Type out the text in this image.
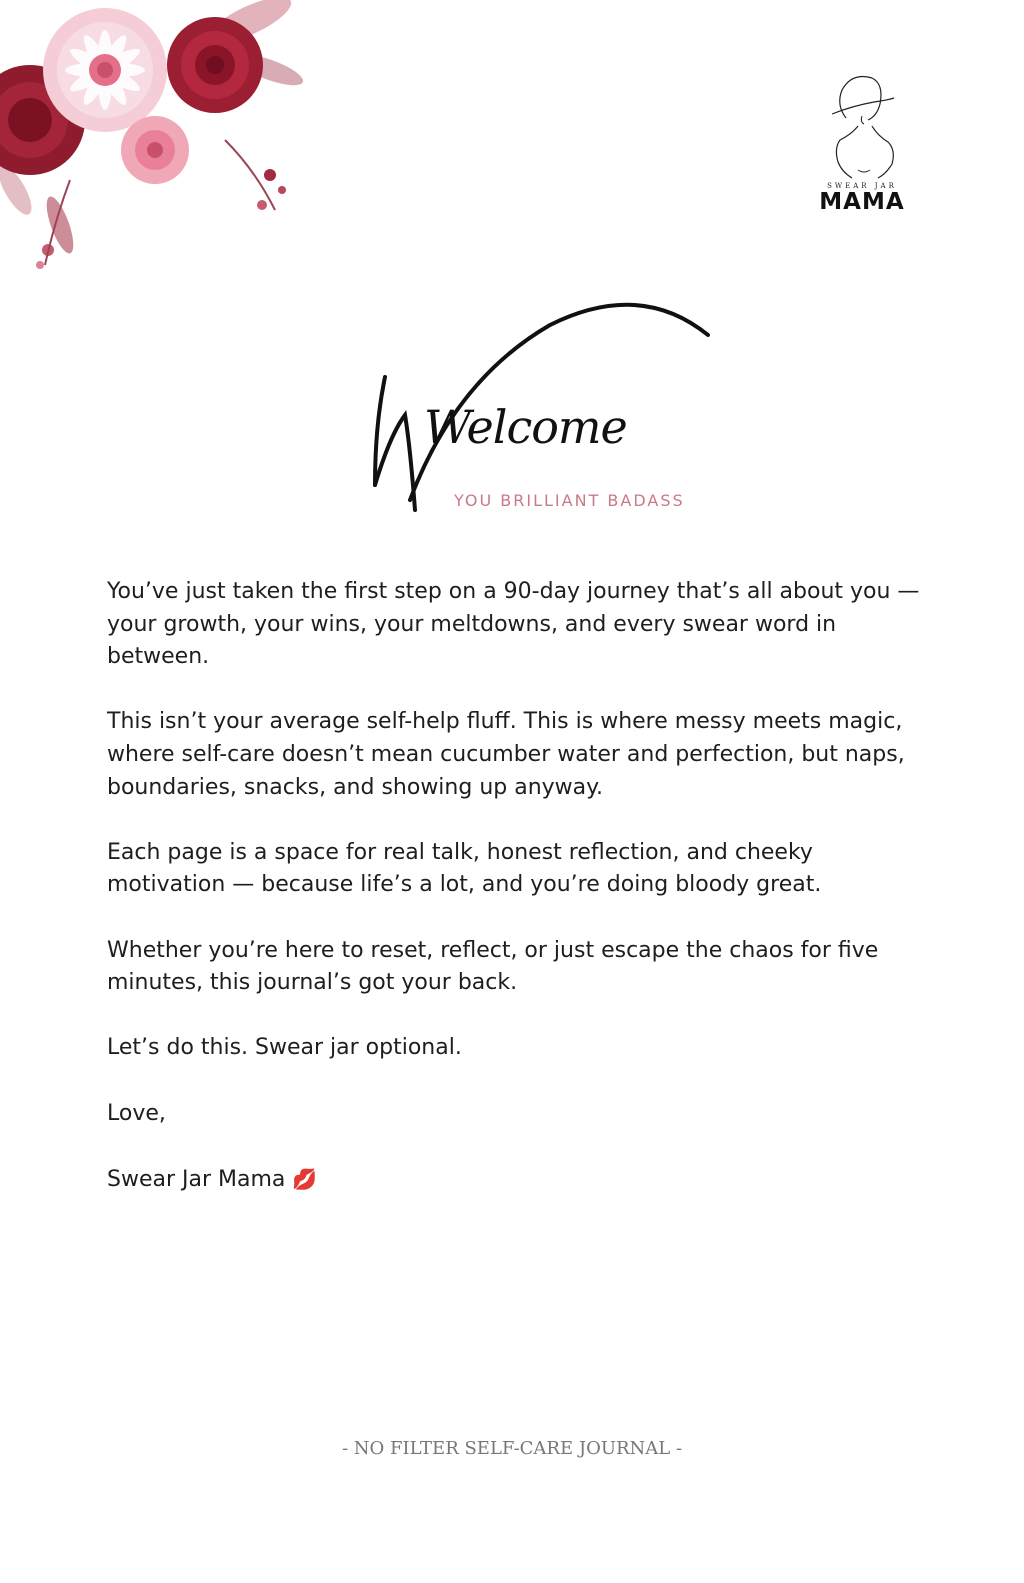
SWEAR JAR
MAMA
Welcome
YOU BRILLIANT BADASS

You’ve just taken the first step on a 90-day journey that’s all about you — your growth, your wins, your meltdowns, and every swear word in between.

This isn’t your average self-help fluff. This is where messy meets magic, where self-care doesn’t mean cucumber water and perfection, but naps, boundaries, snacks, and showing up anyway.

Each page is a space for real talk, honest reflection, and cheeky motivation — because life’s a lot, and you’re doing bloody great.

Whether you’re here to reset, reflect, or just escape the chaos for five minutes, this journal’s got your back.

Let’s do this. Swear jar optional.

Love,

Swear Jar Mama 💋

- NO FILTER SELF-CARE JOURNAL -
